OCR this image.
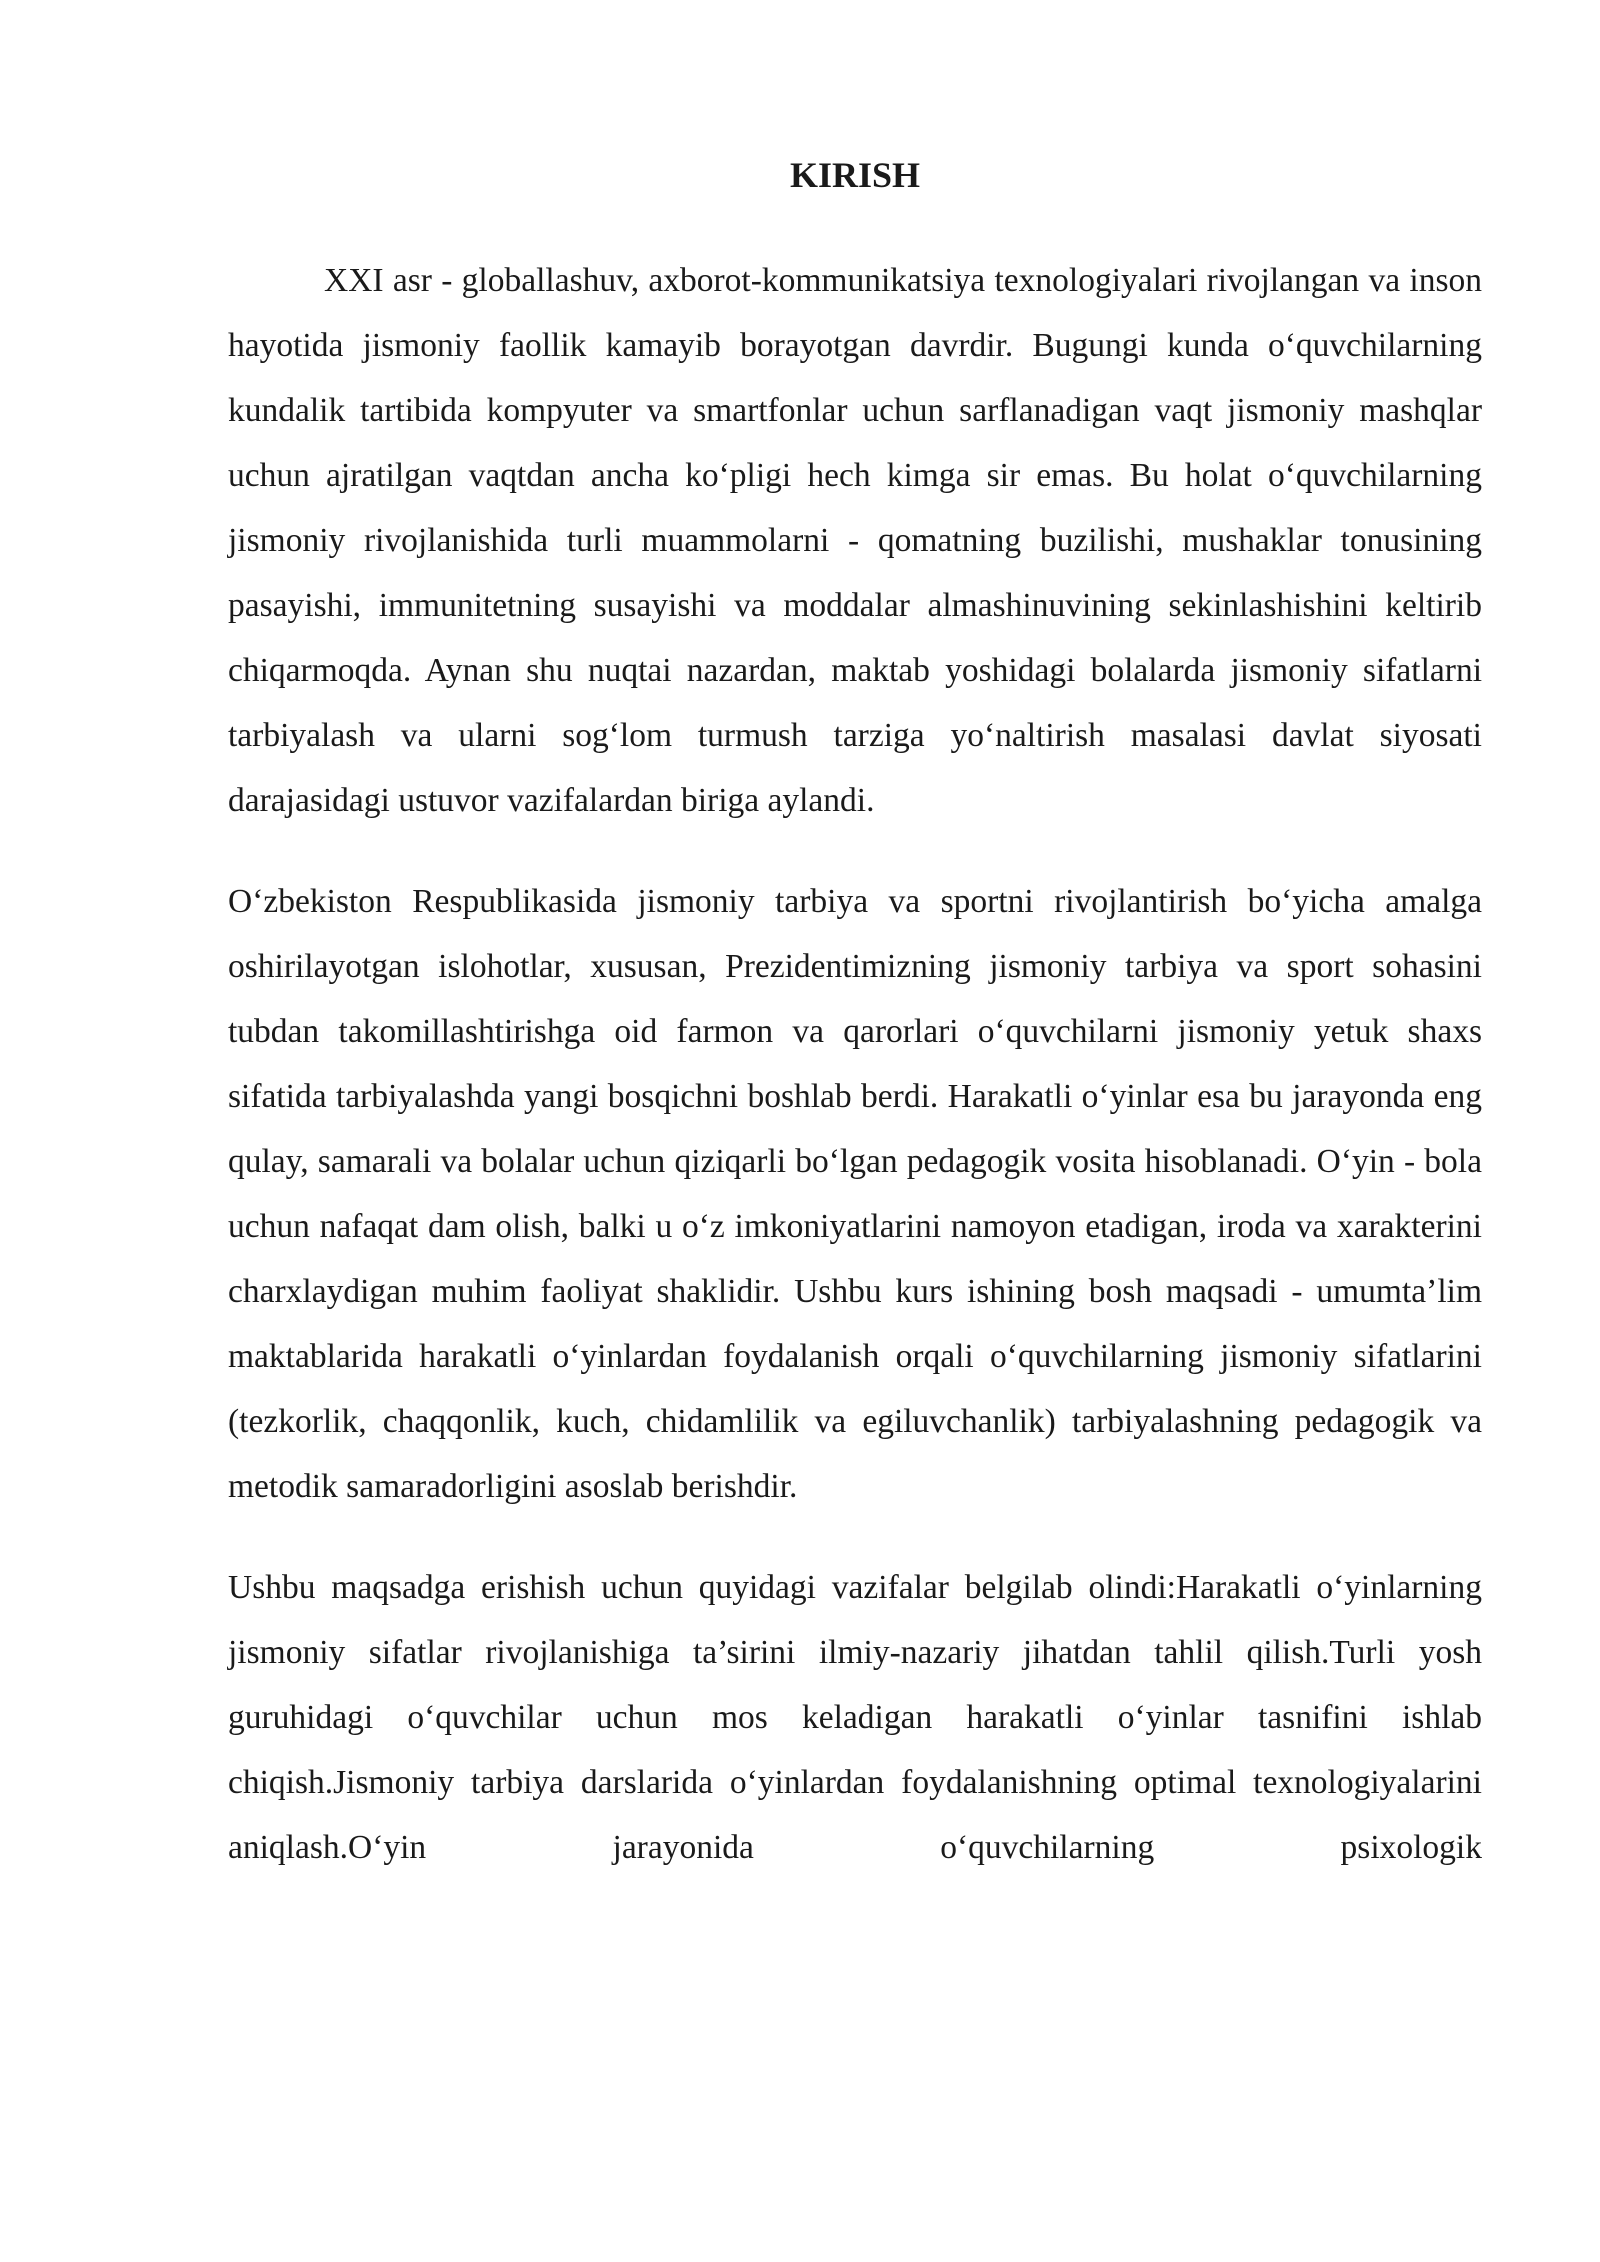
KIRISH

XXI asr - globallashuv, axborot-kommunikatsiya texnologiyalari rivojlangan va inson hayotida jismoniy faollik kamayib borayotgan davrdir. Bugungi kunda o‘quvchilarning kundalik tartibida kompyuter va smartfonlar uchun sarflanadigan vaqt jismoniy mashqlar uchun ajratilgan vaqtdan ancha ko‘pligi hech kimga sir emas. Bu holat o‘quvchilarning jismoniy rivojlanishida turli muammolarni - qomatning buzilishi, mushaklar tonusining pasayishi, immunitetning susayishi va moddalar almashinuvining sekinlashishini keltirib chiqarmoqda. Aynan shu nuqtai nazardan, maktab yoshidagi bolalarda jismoniy sifatlarni tarbiyalash va ularni sog‘lom turmush tarziga yo‘naltirish masalasi davlat siyosati darajasidagi ustuvor vazifalardan biriga aylandi.

O‘zbekiston Respublikasida jismoniy tarbiya va sportni rivojlantirish bo‘yicha amalga oshirilayotgan islohotlar, xususan, Prezidentimizning jismoniy tarbiya va sport sohasini tubdan takomillashtirishga oid farmon va qarorlari o‘quvchilarni jismoniy yetuk shaxs sifatida tarbiyalashda yangi bosqichni boshlab berdi. Harakatli o‘yinlar esa bu jarayonda eng qulay, samarali va bolalar uchun qiziqarli bo‘lgan pedagogik vosita hisoblanadi. O‘yin - bola uchun nafaqat dam olish, balki u o‘z imkoniyatlarini namoyon etadigan, iroda va xarakterini charxlaydigan muhim faoliyat shaklidir. Ushbu kurs ishining bosh maqsadi - umumta’lim maktablarida harakatli o‘yinlardan foydalanish orqali o‘quvchilarning jismoniy sifatlarini (tezkorlik, chaqqonlik, kuch, chidamlilik va egiluvchanlik) tarbiyalashning pedagogik va metodik samaradorligini asoslab berishdir.

Ushbu maqsadga erishish uchun quyidagi vazifalar belgilab olindi:Harakatli o‘yinlarning jismoniy sifatlar rivojlanishiga ta’sirini ilmiy-nazariy jihatdan tahlil qilish.Turli yosh guruhidagi o‘quvchilar uchun mos keladigan harakatli o‘yinlar tasnifini ishlab chiqish.Jismoniy tarbiya darslarida o‘yinlardan foydalanishning optimal texnologiyalarini aniqlash.O‘yin jarayonida o‘quvchilarning psixologik
